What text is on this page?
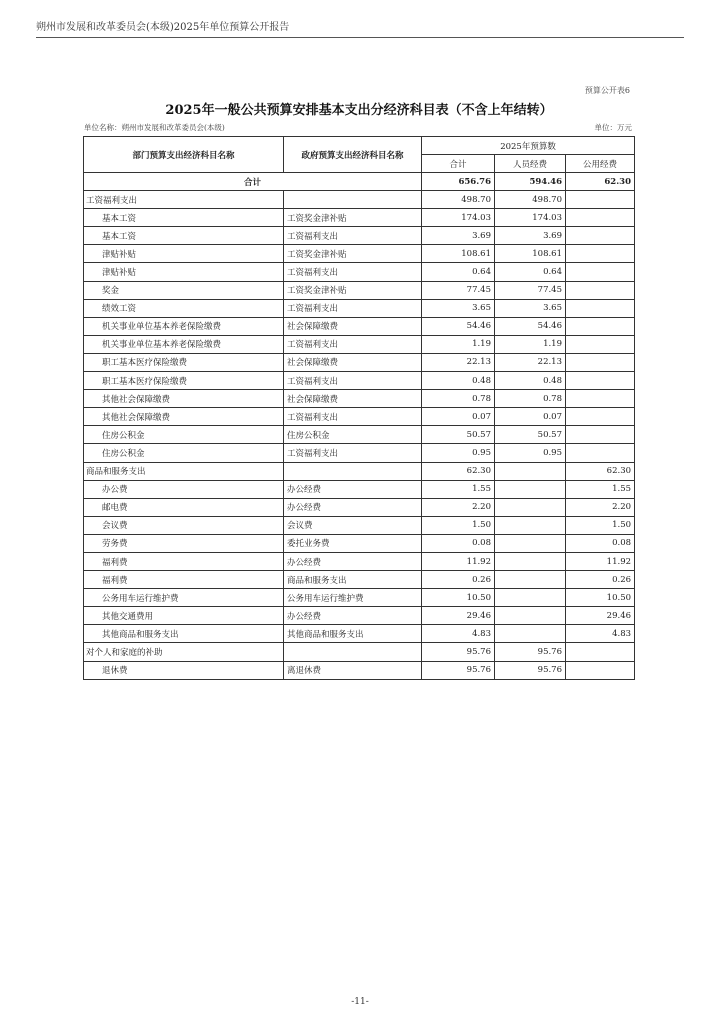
朔州市发展和改革委员会(本级)2025年单位预算公开报告
预算公开表6
2025年一般公共预算安排基本支出分经济科目表（不含上年结转）
单位名称：朔州市发展和改革委员会(本级)	单位：万元
部门预算支出经济科目名称	政府预算支出经济科目名称	2025年预算数		
		合计	人员经费	公用经费
合计		656.76	594.46	62.30
工资福利支出		498.70	498.70	
基本工资	工资奖金津补贴	174.03	174.03	
基本工资	工资福利支出	3.69	3.69	
津贴补贴	工资奖金津补贴	108.61	108.61	
津贴补贴	工资福利支出	0.64	0.64	
奖金	工资奖金津补贴	77.45	77.45	
绩效工资	工资福利支出	3.65	3.65	
机关事业单位基本养老保险缴费	社会保障缴费	54.46	54.46	
机关事业单位基本养老保险缴费	工资福利支出	1.19	1.19	
职工基本医疗保险缴费	社会保障缴费	22.13	22.13	
职工基本医疗保险缴费	工资福利支出	0.48	0.48	
其他社会保障缴费	社会保障缴费	0.78	0.78	
其他社会保障缴费	工资福利支出	0.07	0.07	
住房公积金	住房公积金	50.57	50.57	
住房公积金	工资福利支出	0.95	0.95	
商品和服务支出		62.30		62.30
办公费	办公经费	1.55		1.55
邮电费	办公经费	2.20		2.20
会议费	会议费	1.50		1.50
劳务费	委托业务费	0.08		0.08
福利费	办公经费	11.92		11.92
福利费	商品和服务支出	0.26		0.26
公务用车运行维护费	公务用车运行维护费	10.50		10.50
其他交通费用	办公经费	29.46		29.46
其他商品和服务支出	其他商品和服务支出	4.83		4.83
对个人和家庭的补助		95.76	95.76	
退休费	离退休费	95.76	95.76	
-11-
